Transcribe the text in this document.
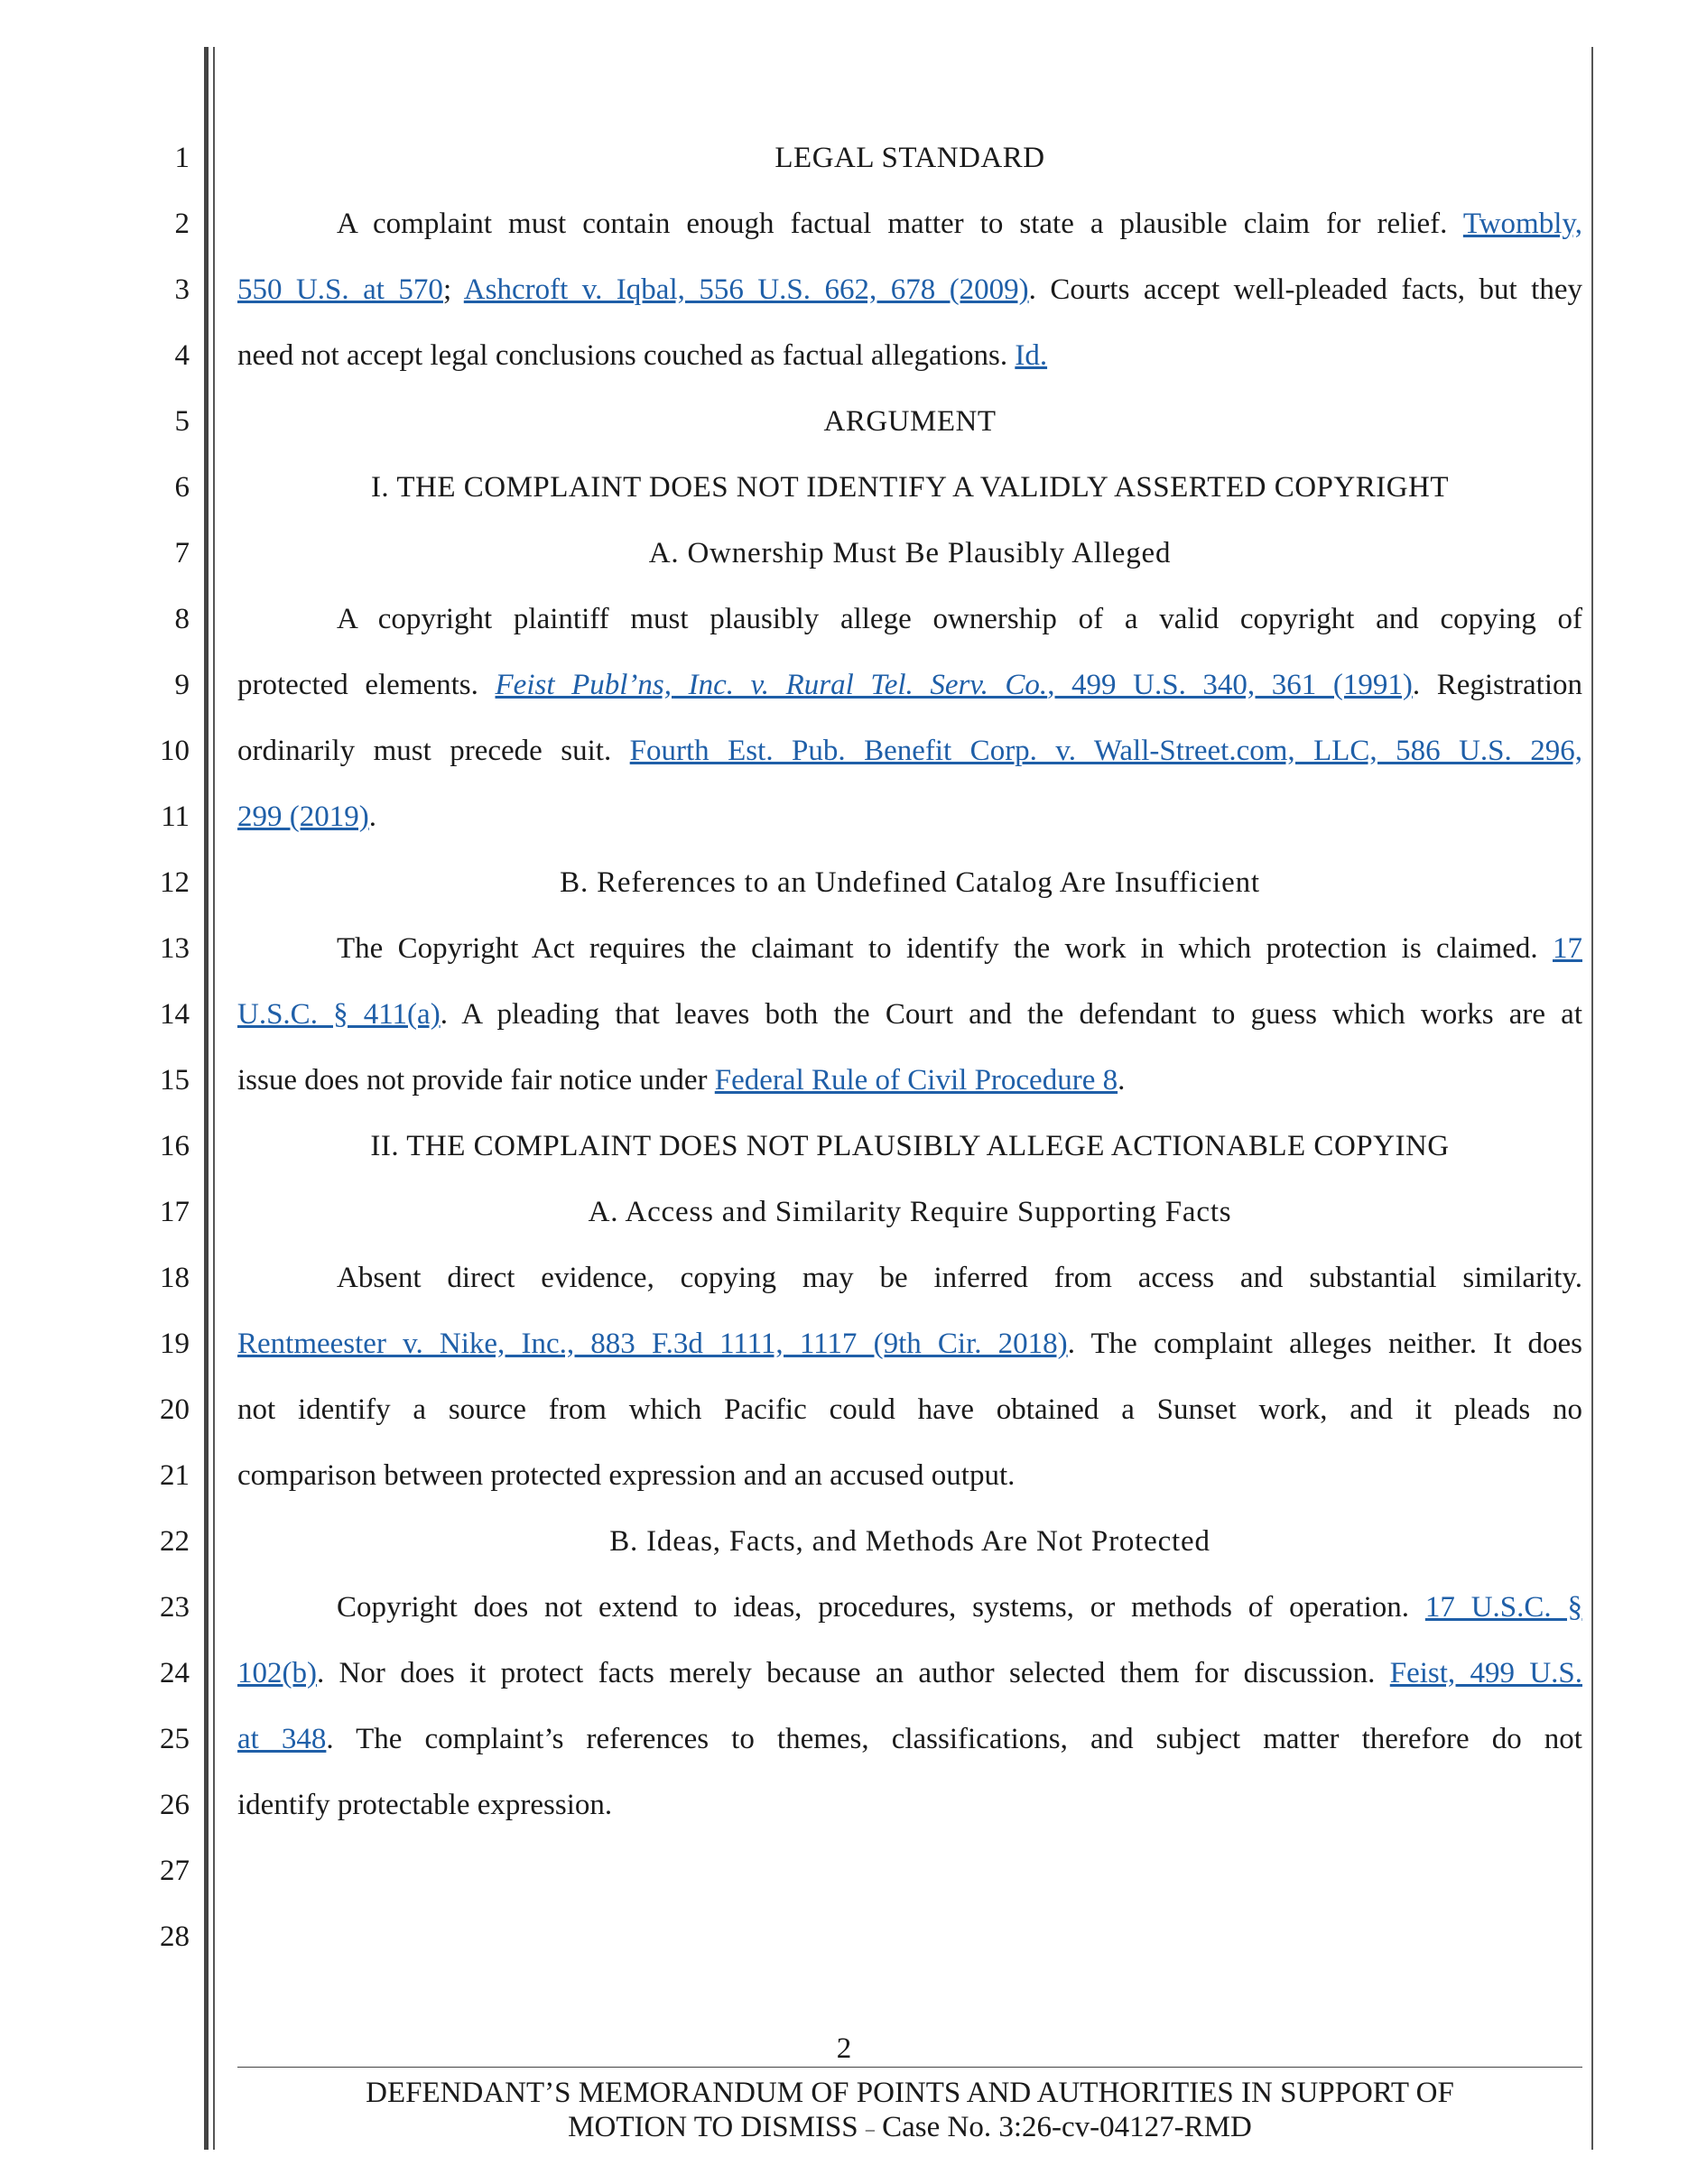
1
2
3
4
5
6
7
8
9
10
11
12
13
14
15
16
17
18
19
20
21
22
23
24
25
26
27
28
LEGAL STANDARD
A complaint must contain enough factual matter to state a plausible claim for relief. Twombly,
550 U.S. at 570; Ashcroft v. Iqbal, 556 U.S. 662, 678 (2009). Courts accept well-pleaded facts, but they
need not accept legal conclusions couched as factual allegations. Id.
ARGUMENT
I. THE COMPLAINT DOES NOT IDENTIFY A VALIDLY ASSERTED COPYRIGHT
A. Ownership Must Be Plausibly Alleged
A copyright plaintiff must plausibly allege ownership of a valid copyright and copying of
protected elements. Feist Publ’ns, Inc. v. Rural Tel. Serv. Co., 499 U.S. 340, 361 (1991). Registration
ordinarily must precede suit. Fourth Est. Pub. Benefit Corp. v. Wall-Street.com, LLC, 586 U.S. 296,
299 (2019).
B. References to an Undefined Catalog Are Insufficient
The Copyright Act requires the claimant to identify the work in which protection is claimed. 17
U.S.C. § 411(a). A pleading that leaves both the Court and the defendant to guess which works are at
issue does not provide fair notice under Federal Rule of Civil Procedure 8.
II. THE COMPLAINT DOES NOT PLAUSIBLY ALLEGE ACTIONABLE COPYING
A. Access and Similarity Require Supporting Facts
Absent direct evidence, copying may be inferred from access and substantial similarity.
Rentmeester v. Nike, Inc., 883 F.3d 1111, 1117 (9th Cir. 2018). The complaint alleges neither. It does
not identify a source from which Pacific could have obtained a Sunset work, and it pleads no
comparison between protected expression and an accused output.
B. Ideas, Facts, and Methods Are Not Protected
Copyright does not extend to ideas, procedures, systems, or methods of operation. 17 U.S.C. §
102(b). Nor does it protect facts merely because an author selected them for discussion. Feist, 499 U.S.
at 348. The complaint’s references to themes, classifications, and subject matter therefore do not
identify protectable expression.
2
DEFENDANT’S MEMORANDUM OF POINTS AND AUTHORITIES IN SUPPORT OF
MOTION TO DISMISS – Case No. 3:26-cv-04127-RMD
